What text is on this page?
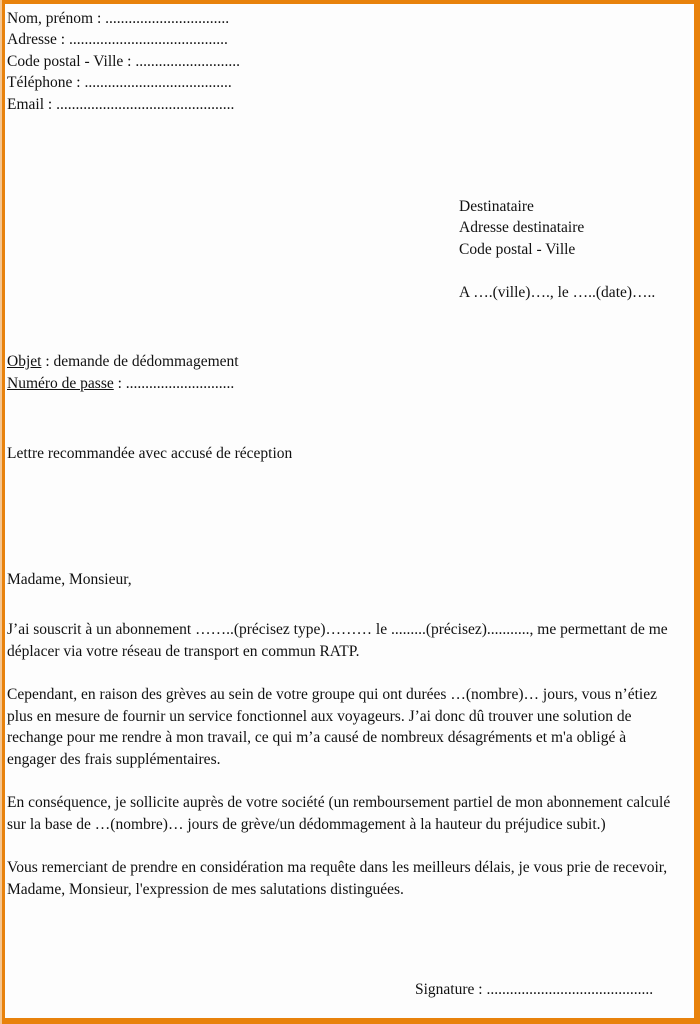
Nom, prénom : ................................
Adresse : .........................................
Code postal - Ville : ...........................
Téléphone : ......................................
Email : ..............................................
Destinataire
Adresse destinataire
Code postal - Ville
A ….(ville)…., le …..(date)…..
Objet : demande de dédommagement
Numéro de passe : ............................
Lettre recommandée avec accusé de réception
Madame, Monsieur,

J’ai souscrit à un abonnement ……..(précisez type)……… le .........(précisez)..........., me permettant de me déplacer via votre réseau de transport en commun RATP.

Cependant, en raison des grèves au sein de votre groupe qui ont durées …(nombre)… jours, vous n’étiez plus en mesure de fournir un service fonctionnel aux voyageurs. J’ai donc dû trouver une solution de rechange pour me rendre à mon travail, ce qui m’a causé de nombreux désagréments et m'a obligé à engager des frais supplémentaires.

En conséquence, je sollicite auprès de votre société (un remboursement partiel de mon abonnement calculé sur la base de …(nombre)… jours de grève/un dédommagement à la hauteur du préjudice subit.)

Vous remerciant de prendre en considération ma requête dans les meilleurs délais, je vous prie de recevoir, Madame, Monsieur, l'expression de mes salutations distinguées.

Signature : ...........................................
